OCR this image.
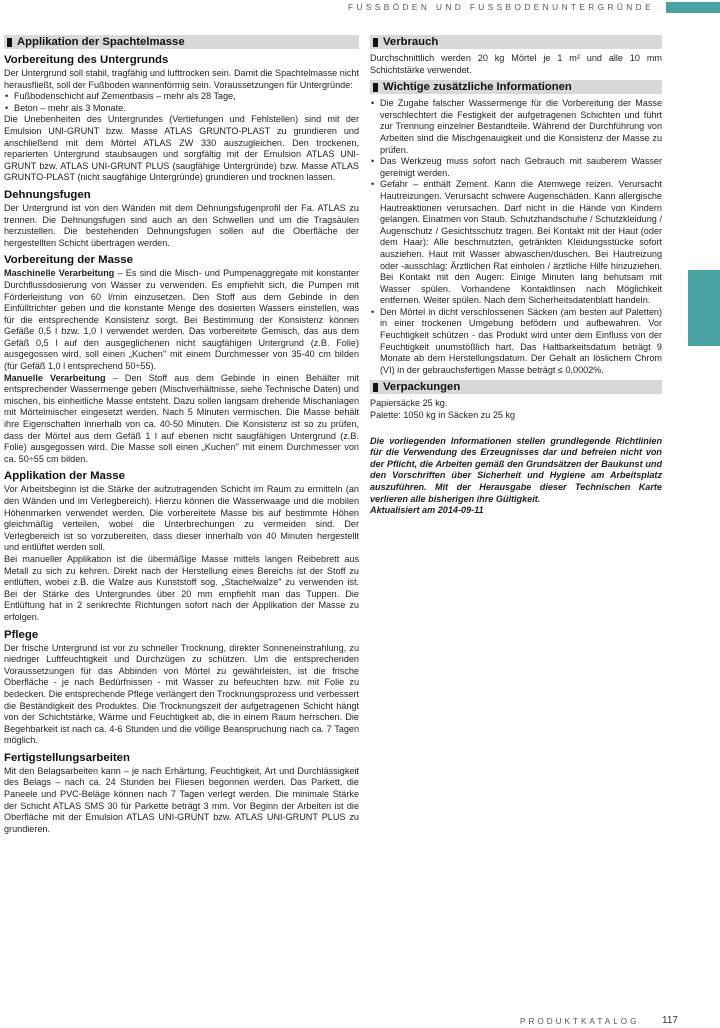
FUSSBÖDEN UND FUSSBODENUNTERGRÜNDE
Applikation der Spachtelmasse
Vorbereitung des Untergrunds

Der Untergrund soll stabil, tragfähig und lufttrocken sein. Damit die Spachtelmasse nicht herausfließt, soll der Fußboden wannenförmig sein. Voraussetzungen für Untergründe:

• Fußbodenschicht auf Zementbasis – mehr als 28 Tage,
• Beton – mehr als 3 Monate.

Die Unebenheiten des Untergrundes (Vertiefungen und Fehlstellen) sind mit der Emulsion UNI-GRUNT bzw. Masse ATLAS GRUNTO-PLAST zu grundieren und anschließend mit dem Mörtel ATLAS ZW 330 auszugleichen. Den trockenen, reparierten Untergrund staubsaugen und sorgfältig mit der Emulsion ATLAS UNI-GRUNT bzw. ATLAS UNI-GRUNT PLUS (saugfähige Untergründe) bzw. Masse ATLAS GRUNTO-PLAST (nicht saugfähige Untergründe) grundieren und trocknen lassen.

Dehnungsfugen

Der Untergrund ist von den Wänden mit dem Dehnungsfugenprofil der Fa. ATLAS zu trennen. Die Dehnungsfugen sind auch an den Schwellen und um die Tragsäulen herzustellen. Die bestehenden Dehnungsfugen sollen auf die Oberfläche der hergestellten Schicht übertragen werden.

Vorbereitung der Masse

Maschinelle Verarbeitung – Es sind die Misch- und Pumpenaggregate mit konstanter Durchflussdosierung von Wasser zu verwenden. Es empfiehlt sich, die Pumpen mit Förderleistung von 60 l/min einzusetzen. Den Stoff aus dem Gebinde in den Einfülltrichter geben und die konstante Menge des dosierten Wassers einstellen, was für die entsprechende Konsistenz sorgt. Bei Bestimmung der Konsistenz können Gefäße 0,5 l bzw. 1,0 l verwendet werden. Das vorbereitete Gemisch, das aus dem Gefäß 0,5 l auf den ausgeglichenen nicht saugfähigen Untergrund (z.B. Folie) ausgegossen wird, soll einen „Kuchen" mit einem Durchmesser von 35-40 cm bilden (für Gefäß 1,0 l entsprechend 50÷55).

Manuelle Verarbeitung – Den Stoff aus dem Gebinde in einen Behälter mit entsprechender Wassermenge geben (Mischverhältnisse, siehe Technische Daten) und mischen, bis einheitliche Masse entsteht. Dazu sollen langsam drehende Mischanlagen mit Mörtelmischer eingesetzt werden. Nach 5 Minuten vermischen. Die Masse behält ihre Eigenschaften innerhalb von ca. 40-50 Minuten. Die Konsistenz ist so zu prüfen, dass der Mörtel aus dem Gefäß 1 l auf ebenen nicht saugfähigen Untergrund (z.B. Folie) ausgegossen wird. Die Masse soll einen „Kuchen" mit einem Durchmesser von ca. 50÷55 cm bilden.

Applikation der Masse

Vor Arbeitsbeginn ist die Stärke der aufzutragenden Schicht im Raum zu ermitteln (an den Wänden und im Verlegbereich). Hierzu können die Wasserwaage und die mobilen Höhenmarken verwendet werden. Die vorbereitete Masse bis auf bestimmte Höhen gleichmäßig verteilen, wobei die Unterbrechungen zu vermeiden sind. Der Verlegbereich ist so vorzubereiten, dass dieser innerhalb von 40 Minuten hergestellt und entlüftet werden soll.

Bei manueller Applikation ist die übermäßige Masse mittels langen Reibebrett aus Metall zu sich zu kehren. Direkt nach der Herstellung eines Bereichs ist der Stoff zu entlüften, wobei z.B. die Walze aus Kunststoff sog. „Stachelwalze" zu verwenden ist. Bei der Stärke des Untergrundes über 20 mm empfiehlt man das Tuppen. Die Entlüftung hat in 2 senkrechte Richtungen sofort nach der Applikation der Masse zu erfolgen.

Pflege

Der frische Untergrund ist vor zu schneller Trocknung, direkter Sonneneinstrahlung, zu niedriger Luftfeuchtigkeit und Durchzügen zu schützen. Um die entsprechenden Voraussetzungen für das Abbinden von Mörtel zu gewährleisten, ist die frische Oberfläche - je nach Bedürfnissen - mit Wasser zu befeuchten bzw. mit Folie zu bedecken. Die entsprechende Pflege verlängert den Trocknungsprozess und verbessert die Beständigkeit des Produktes. Die Trocknungszeit der aufgetragenen Schicht hängt von der Schichtstärke, Wärme und Feuchtigkeit ab, die in einem Raum herrschen. Die Begehbarkeit ist nach ca. 4-6 Stunden und die völlige Beanspruchung nach ca. 7 Tagen möglich.

Fertigstellungsarbeiten

Mit den Belagsarbeiten kann – je nach Erhärtung, Feuchtigkeit, Art und Durchlässigkeit des Belags – nach ca. 24 Stunden bei Fliesen begonnen werden. Das Parkett, die Paneele und PVC-Beläge können nach 7 Tagen verlegt werden. Die minimale Stärke der Schicht ATLAS SMS 30 für Parkette beträgt 3 mm. Vor Beginn der Arbeiten ist die Oberfläche mit der Emulsion ATLAS UNI-GRUNT bzw. ATLAS UNI-GRUNT PLUS zu grundieren.

Verbrauch

Durchschnittlich werden 20 kg Mörtel je 1 m² und alle 10 mm Schichtstärke verwendet.

Wichtige zusätzliche Informationen
• Die Zugabe falscher Wassermenge für die Vorbereitung der Masse verschlechtert die Festigkeit der aufgetragenen Schichten und führt zur Trennung einzelner Bestandteile. Während der Durchführung von Arbeiten sind die Mischgenauigkeit und die Konsistenz der Masse zu prüfen.
• Das Werkzeug muss sofort nach Gebrauch mit sauberem Wasser gereinigt werden.
• Gefahr – enthält Zement. Kann die Atemwege reizen. Verursacht Hautreizungen. Verursacht schwere Augenschäden. Kann allergische Hautreaktionen verursachen. Darf nicht in die Hände von Kindern gelangen. Einatmen von Staub. Schutzhandschuhe / Schutzkleidung / Augenschutz / Gesichtsschutz tragen. Bei Kontakt mit der Haut (oder dem Haar): Alle beschmutzten, getränkten Kleidungsstücke sofort ausziehen. Haut mit Wasser abwaschen/duschen. Bei Hautreizung oder -ausschlag: Ärztlichen Rat einholen / ärztliche Hilfe hinzuziehen. Bei Kontakt mit den Augen: Einige Minuten lang behutsam mit Wasser spülen. Vorhandene Kontaktlinsen nach Möglichkeit entfernen. Weiter spülen. Nach dem Sicherheitsdatenblatt handeln.
• Den Mörtel in dicht verschlossenen Säcken (am besten auf Paletten) in einer trockenen Umgebung befödern und aufbewahren. Vor Feuchtigkeit schützen - das Produkt wird unter dem Einfluss von der Feuchtigkeit unumstößlich hart. Das Haltbarkeitsdatum beträgt 9 Monate ab dem Herstellungsdatum. Der Gehalt an löslichem Chrom (VI) in der gebrauchsfertigen Masse beträgt ≤ 0,0002%.
Verpackungen

Papiersäcke 25 kg.

Palette: 1050 kg in Säcken zu 25 kg

Die vorliegenden Informationen stellen grundlegende Richtlinien für die Verwendung des Erzeugnisses dar und befreien nicht von der Pflicht, die Arbeiten gemäß den Grundsätzen der Baukunst und den Vorschriften über Sicherheit und Hygiene am Arbeitsplatz auszuführen. Mit der Herausgabe dieser Technischen Karte verlieren alle bisherigen ihre Gültigkeit.
Aktualisiert am 2014-09-11

PRODUKTKATALOG 117
